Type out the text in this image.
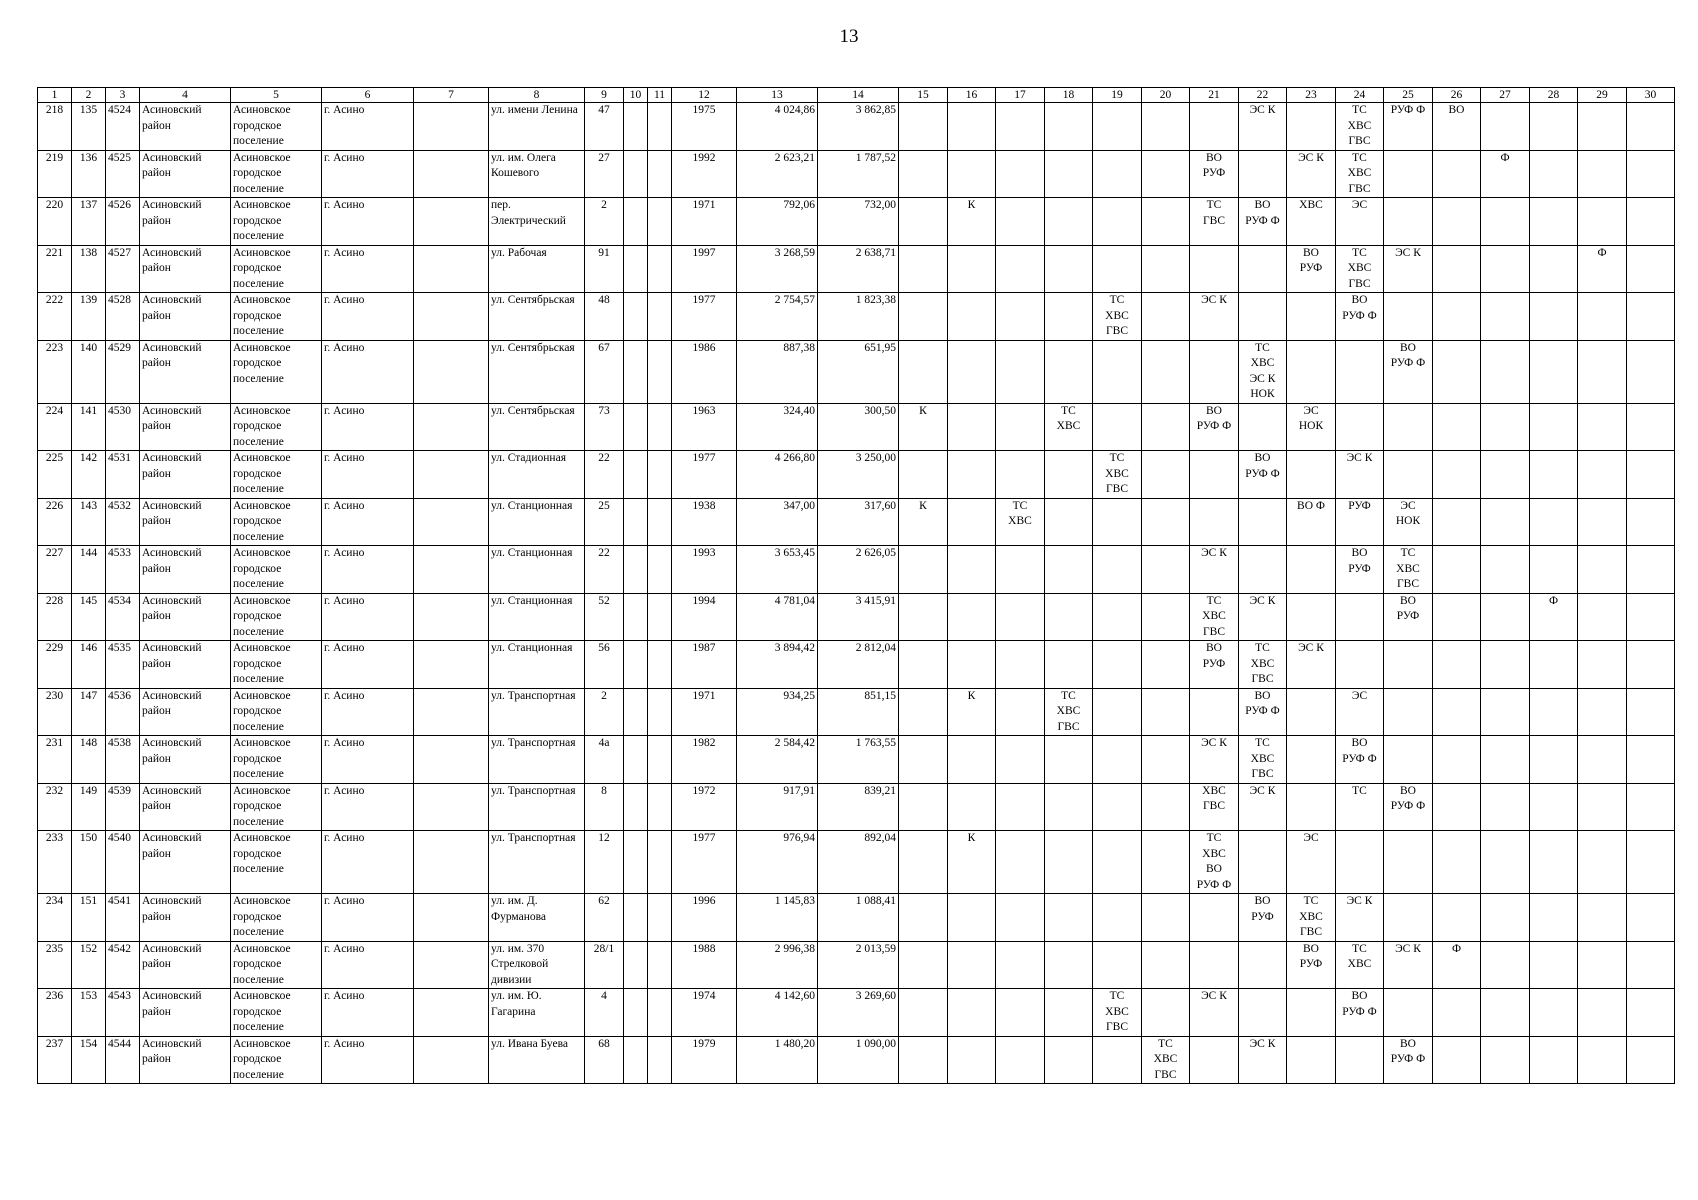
13
1	2	3	4	5	6	7	8	9	10	11	12	13	14	15	16	17	18	19	20	21	22	23	24	25	26	27	28	29	30
218	135	4524	Асиновский район	Асиновское городское поселение	г. Асино		ул. имени Ленина	47			1975	4 024,86	3 862,85								ЭС К		ТС
ХВС
ГВС	РУФ Ф	ВО				
219	136	4525	Асиновский район	Асиновское городское поселение	г. Асино		ул. им. Олега Кошевого	27			1992	2 623,21	1 787,52							ВО
РУФ		ЭС К	ТС
ХВС
ГВС			Ф			
220	137	4526	Асиновский район	Асиновское городское поселение	г. Асино		пер. Электрический	2			1971	792,06	732,00		К					ТС
ГВС	ВО
РУФ Ф	ХВС	ЭС						
221	138	4527	Асиновский район	Асиновское городское поселение	г. Асино		ул. Рабочая	91			1997	3 268,59	2 638,71									ВО
РУФ	ТС
ХВС
ГВС	ЭС К				Ф	
222	139	4528	Асиновский район	Асиновское городское поселение	г. Асино		ул. Сентябрьская	48			1977	2 754,57	1 823,38					ТС
ХВС
ГВС		ЭС К			ВО
РУФ Ф						
223	140	4529	Асиновский район	Асиновское городское поселение	г. Асино		ул. Сентябрьская	67			1986	887,38	651,95								ТС
ХВС
ЭС К
НОК			ВО
РУФ Ф					
224	141	4530	Асиновский район	Асиновское городское поселение	г. Асино		ул. Сентябрьская	73			1963	324,40	300,50	К			ТС
ХВС			ВО
РУФ Ф		ЭС
НОК							
225	142	4531	Асиновский район	Асиновское городское поселение	г. Асино		ул. Стадионная	22			1977	4 266,80	3 250,00					ТС
ХВС
ГВС			ВО
РУФ Ф		ЭС К						
226	143	4532	Асиновский район	Асиновское городское поселение	г. Асино		ул. Станционная	25			1938	347,00	317,60	К		ТС
ХВС						ВО Ф	РУФ	ЭС
НОК					
227	144	4533	Асиновский район	Асиновское городское поселение	г. Асино		ул. Станционная	22			1993	3 653,45	2 626,05							ЭС К			ВО
РУФ	ТС
ХВС
ГВС					
228	145	4534	Асиновский район	Асиновское городское поселение	г. Асино		ул. Станционная	52			1994	4 781,04	3 415,91							ТС
ХВС
ГВС	ЭС К			ВО
РУФ			Ф		
229	146	4535	Асиновский район	Асиновское городское поселение	г. Асино		ул. Станционная	56			1987	3 894,42	2 812,04							ВО
РУФ	ТС
ХВС
ГВС	ЭС К							
230	147	4536	Асиновский район	Асиновское городское поселение	г. Асино		ул. Транспортная	2			1971	934,25	851,15		К		ТС
ХВС
ГВС				ВО
РУФ Ф		ЭС						
231	148	4538	Асиновский район	Асиновское городское поселение	г. Асино		ул. Транспортная	4а			1982	2 584,42	1 763,55							ЭС К	ТС
ХВС
ГВС		ВО
РУФ Ф						
232	149	4539	Асиновский район	Асиновское городское поселение	г. Асино		ул. Транспортная	8			1972	917,91	839,21							ХВС
ГВС	ЭС К		ТС	ВО
РУФ Ф					
233	150	4540	Асиновский район	Асиновское городское поселение	г. Асино		ул. Транспортная	12			1977	976,94	892,04		К					ТС
ХВС
ВО
РУФ Ф		ЭС							
234	151	4541	Асиновский район	Асиновское городское поселение	г. Асино		ул. им. Д. Фурманова	62			1996	1 145,83	1 088,41								ВО
РУФ	ТС
ХВС
ГВС	ЭС К						
235	152	4542	Асиновский район	Асиновское городское поселение	г. Асино		ул. им. 370 Стрелковой дивизии	28/1			1988	2 996,38	2 013,59									ВО
РУФ	ТС
ХВС	ЭС К	Ф				
236	153	4543	Асиновский район	Асиновское городское поселение	г. Асино		ул. им. Ю. Гагарина	4			1974	4 142,60	3 269,60					ТС
ХВС
ГВС		ЭС К			ВО
РУФ Ф						
237	154	4544	Асиновский район	Асиновское городское поселение	г. Асино		ул. Ивана Буева	68			1979	1 480,20	1 090,00						ТС
ХВС
ГВС		ЭС К			ВО
РУФ Ф					
